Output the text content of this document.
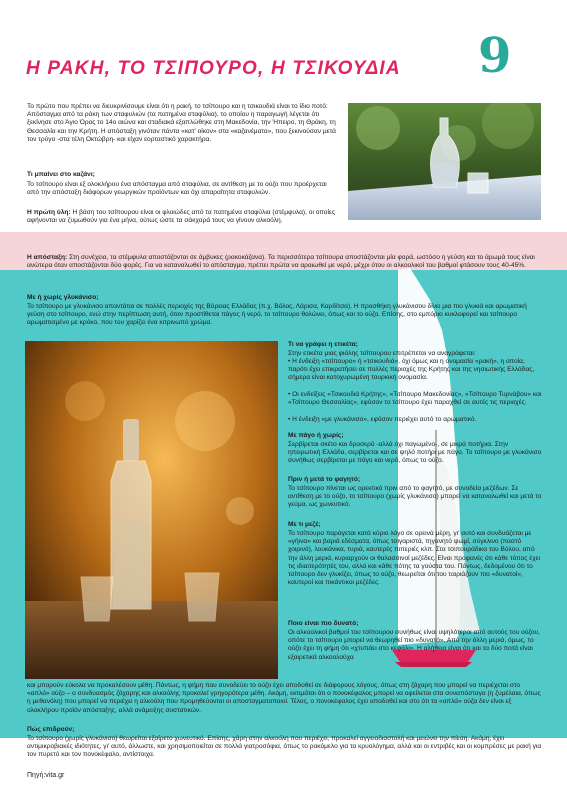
Η ΡΑΚΗ, ΤΟ ΤΣΙΠΟΥΡΟ, Η ΤΣΙΚΟΥΔΙΑ 9

Το πρώτο που πρέπει να διευκρινίσουμε είναι ότι η ρακή, το τσίπουρο και η τσικουδιά είναι το ίδιο ποτό: Απόσταγμα από τα ράκη των σταφυλιών (τα πατημένα σταφύλια), το οποίου η παραγωγή λέγεται ότι ξεκίνησε στο Άγιο Όρος το 14ο αιώνα και σταδιακά εξαπλώθηκε στη Μακεδονία, την Ήπειρο, τη Θράκη, τη Θεσσαλία και την Κρήτη. Η απόσταξη γινόταν πάντα «κατ' οίκον» στα «καζανέματα», που ξεκινούσαν μετά τον τρύγο -στα τέλη Οκτώβρη- και είχαν εορταστικό χαρακτήρα.

Τι μπαίνει στο καζάνι;

Το τσίπουρο είναι εξ ολοκλήρου ένα απόσταγμα από σταφύλια, σε αντίθεση με το ούζο που προέρχεται από την απόσταξη διάφορων γεωργικών προϊόντων και όχι απαραίτητα σταφυλιών.

Η πρώτη ύλη: Η βάση του τσίπουρου είναι οι φλοιώδες από τα πατημένα σταφύλια (στέμφυλα), οι οποίες αφήνονται να ζυμωθούν για ένα μήνα, ούτως ώστε τα σάκχαρά τους να γίνουν αλκοόλη.

Η απόσταξη: Στη συνέχεια, τα στέμφυλα αποστάζονται σε άμβυκες (ρακοκάζανα). Τα περισσότερα τσίπουρα αποστάζονται μία φορά, ωστόσο η γεύση και το άρωμά τους είναι ανώτερα όταν αποστάζονται δύο φορές. Για να καταναλωθεί το απόσταγμα, πρέπει πρώτα να αραιωθεί με νερό, μέχρι ότου οι αλκοολικοί του βαθμοί φτάσουν τους 40-45%.

Με ή χωρίς γλυκάνισο;

Το τσίπουρο με γλυκάνισο απαντάται σε πολλές περιοχές της Βόρειας Ελλάδας (π.χ. Βόλος, Λάρισα, Καρδίτσα). Η προσθήκη γλυκάνισου δίνει μια πιο γλυκιά και αρωματική γεύση στο τσίπουρο, ενώ στην περίπτωση αυτή, όταν προστίθεται πάγος ή νερό, το τσίπουρο θολώνει, όπως και το ούζο. Επίσης, στο εμπόριο κυκλοφορεί και τσίπουρο αρωματισμένο με κρόκο, που του χαρίζει ένα κιτρινωπό χρώμα.

Τι να γράφει η ετικέτα;

Στην ετικέτα μιας φιάλης τσίπουρου επιτρέπεται να αναγράφεται:

• Η ένδειξη «τσίπουρο» ή «τσικουδιά», όχι όμως και η ονομασία «ρακή», η οποία, παρότι έχει επικρατήσει σε πολλές περιοχές της Κρήτης και της νησιωτικής Ελλάδας, σήμερα είναι κατοχυρωμένη τουρκική ονομασία.

• Οι ενδείξεις «Τσικουδιά Κρήτης», «Τσίπουρο Μακεδονίας», «Τσίπουρο Τυρνάβου» και «Τσίπουρο Θεσσαλίας», εφόσον το τσίπουρο έχει παραχθεί σε αυτές τις περιοχές.

• Η ένδειξη «με γλυκάνισο», εφόσον περιέχει αυτό το αρωματικό.

Με πάγο ή χωρίς;

Σερβίρεται σκέτο και δροσερό -αλλά όχι παγωμένο-, σε μικρά ποτήρια. Στην ηπειρωτική Ελλάδα, σερβίρεται και σε ψηλό ποτήρι με πάγο. Το τσίπουρο με γλυκάνισο συνήθως σερβίρεται με πάγο και νερό, όπως το ούζο.

Πριν ή μετά το φαγητό;

Το τσίπουρο πίνεται ως ορεκτικό πριν από το φαγητό, με συνοδεία μεζέδων. Σε αντίθεση με το ούζο, το τσίπουρο (χωρίς γλυκάνισο) μπορεί να καταναλωθεί και μετά το γεύμα, ως χωνευτικό.

Με τι μεζέ;

Το τσίπουρο παράγεται κατά κύριο λόγο σε ορεινά μέρη, γι' αυτό και συνδυάζεται με «γήινα» και βαριά εδέσματα, όπως τσιγαριστά, τηγανητό ψωμί, σύγκλινο (παστό χοιρινό), λουκάνικα, τυριά, καυτερές πιπεριές κλπ. Στα τσιπουράδικα του Βόλου, από την άλλη μεριά, κυριαρχούν οι θαλασσινοί μεζέδες. Είναι προφανές ότι κάθε τόπος έχει τις ιδιαιτερότητές του, αλλά και κάθε πότης τα γούστα του. Πάντως, δεδομένου ότι το τσίπουρο δεν γλυκίζει, όπως το ούζο, θεωρείται ότι του ταιριάζουν πιο «δυνατοί», καυτεροί και πικάντικοι μεζέδες.

Ποιο είναι πιο δυνατό;

Οι αλκοολικοί βαθμοί του τσίπουρου συνήθως είναι υψηλότεροι από αυτούς του ούζου, οπότε το τσίπουρο μπορεί να θεωρηθεί πιο «δυνατό». Από την άλλη μεριά, όμως, το ούζο έχει τη φήμη ότι «χτυπάει στο κεφάλι». Η αλήθεια είναι ότι και τα δύο ποτά είναι εξαιρετικά αλκοολούχα

και μπορούν εύκολα να προκαλέσουν μέθη. Πάντως, η φήμη που συνοδεύει το ούζο έχει αποδοθεί σε διάφορους λόγους, όπως στη ζάχαρη που μπορεί να περιέχεται στο «απλό» ούζο – ο συνδυασμός ζάχαρης και αλκοόλης προκαλεί γρηγορότερα μέθη. Ακόμη, εκτιμάται ότι ο πονοκέφαλος μπορεί να οφείλεται στα συναπόσταγα (η ζυμέλαια, όπως η μεθανόλη) που μπορεί να περιέχει η αλκοόλη που προμηθεύονται οι αποσταγματοποιοί. Τέλος, ο πονοκέφαλος έχει αποδοθεί και στο ότι τα «απλά» ούζα δεν είναι εξ ολοκλήρου προϊόν απόσταξης, αλλά ανάμειξης συστατικών.

Πώς επιδρούν;

Το τσίπουρο (χωρίς γλυκάνισο) θεωρείται εξαίρετο χωνευτικό. Επίσης, χάρη στην αλκοόλη που περιέχει, προκαλεί αγγειοδιαστολή και μειώνει την πίεση. Ακόμη, έχει αντιμικροβιακές ιδιότητες, γι' αυτό, άλλωστε, και χρησιμοποιείται σε πολλά γιατροσόφια, όπως το ρακόμελο για τα κρυολόγημα, αλλά και οι εντριβές και οι κομπρέσες με ρακή για τον πυρετό και τον πονοκέφαλο, αντίστοιχα.

Πηγή:vita.gr
